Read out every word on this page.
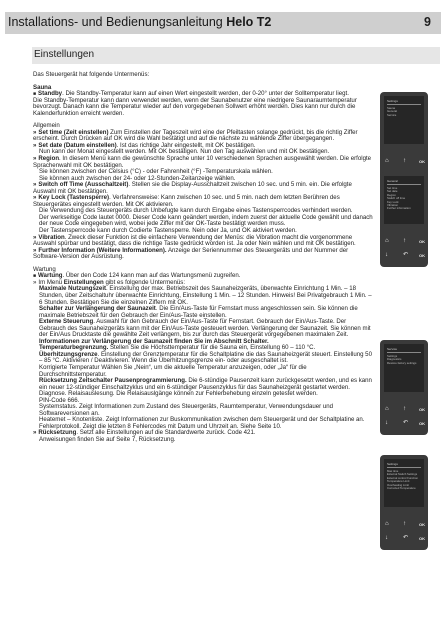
Installations- und Bedienungsanleitung Helo T2	9
Einstellungen

Das Steuergerät hat folgende Untermenüs:

Sauna

■ Standby. Die Standby-Temperatur kann auf einen Wert eingestellt werden, der 0-20° unter der Solltemperatur liegt.

Die Standby-Temperatur kann dann verwendet werden, wenn der Saunabenutzer eine niedrigere Saunaraumtemperatur bevorzugt. Danach kann die Temperatur wieder auf den vorgegebenen Sollwert erhöht werden. Dies kann nur durch die Kalenderfunktion erreicht werden.

Allgemein

» Set time (Zeit einstellen) Zum Einstellen der Tageszeit wird eine der Pfeiltasten solange gedrückt, bis die richtig Ziffer erscheint. Durch Drücken auf OK wird die Wahl bestätigt und auf die nächste zu wählende Ziffer übergegangen.

» Set date (Datum einstellen). Ist das richtige Jahr eingestellt, mit OK bestätigen.

Nun kann der Monat eingestellt werden. Mit OK bestätigen. Nun den Tag auswählen und mit OK bestätigen.

» Region. In diesem Menü kann die gewünschte Sprache unter 10 verschiedenen Sprachen ausgewählt werden. Die erfolgte Sprachenwahl mit OK bestätigen.

Sie können zwischen der Celsius (°C) - oder Fahrenheit (°F) -Temperaturskala wählen.

Sie können auch zwischen der 24- oder 12-Stunden-Zeitanzeige wählen.

» Switch off Time (Ausschaltzeit). Stellen sie die Display-Ausschaltzeit zwischen 10 sec. und 5 min. ein. Die erfolgte Auswahl mit OK bestätigen.

» Key Lock (Tastensperre). Verfahrensweise: Kann zwischen 10 sec. und 5 min. nach dem letzten Berühren des Steuergerätes eingestellt werden. Mit OK aktivieren.

Die Verwendung des Steuergeräts durch Unbefugte kann durch Eingabe eines Tastensperrcodes verhindert werden.

Der werkseitige Code lautet 0000. Dieser Code kann geändert werden, indem zuerst der aktuelle Code gewählt und danach der neue Code eingegeben wird, wobei jede Ziffer mit der OK-Taste bestätigt werden muss.

Der Tastensperrcode kann durch Codierte Tastensperre. Nein oder Ja, und OK aktiviert werden.

» Vibration. Zweck dieser Funktion ist die einfachere Verwendung der Menüs: die Vibration macht die vorgenommene Auswahl spürbar und bestätigt, dass die richtige Taste gedrückt worden ist. Ja oder Nein wählen und mit OK bestätigen.

» Further Information (Weitere Informationen). Anzeige der Seriennummer des Steuergeräts und der Nummer der Software-Version der Ausrüstung.

Wartung

■ Wartung. Über den Code 124 kann man auf das Wartungsmenü zugreifen.

» Im Menü Einstellungen gibt es folgende Untermenüs:

Maximale Nutzungszeit. Einstellung der max. Betriebszeit des Saunaheizgeräts, überwachte Einrichtung 1 Min. – 18 Stunden, über Zeitschaltuhr überwachte Einrichtung, Einstellung 1 Min. – 12 Stunden. Hinweis! Bei Privatgebrauch 1 Min. – 6 Stunden. Bestätigen Sie die einzelnen Ziffern mit OK.

Schalter zur Verlängerung der Saunazeit. Die Ein/Aus-Taste für Fernstart muss angeschlossen sein. Sie können die maximale Betriebszeit für den Gebrauch der Ein/Aus-Taste einstellen.

Externe Steuerung. Auswahl für den Gebrauch der Ein/Aus-Taste für Fernstart. Gebrauch der Ein/Aus-Taste. Der Gebrauch des Saunaheizgeräts kann mit der Ein/Aus-Taste gesteuert werden. Verlängerung der Saunazeit. Sie können mit der Ein/Aus Drucktaste die gewählte Zeit verlängern, bis zur durch das Steuergerät vorgegebenen maximalen Zeit. Informationen zur Verlängerung der Saunazeit finden Sie im Abschnitt Schalter.

Temperaturbegrenzung. Stellen Sie die Höchsttemperatur für die Sauna ein, Einstellung 60 – 110 °C. Überhitzungsgrenze. Einstellung der Grenztemperatur für die Schaltplatine die das Saunaheizgerät steuert. Einstellung 50 – 85 °C. Aktivieren / Deaktivieren. Wenn die Überhitzungsgrenze ein- oder ausgeschaltet ist.

Korrigierte Temperatur Wählen Sie „Nein“, um die aktuelle Temperatur anzuzeigen, oder „Ja“ für die Durchschnittstemperatur.

Rücksetzung Zeitschalter Pausenprogrammierung. Die 6-stündige Pausenzeit kann zurückgesetzt werden, und es kann ein neuer 12-stündiger Einschaltzyklus und ein 6-stündiger Pausenzyklus für das Saunaheizgerät gestartet werden. Diagnose. Relaisauslesung. Die Relaisauslgänge können zur Fehlerbehebung einzeln getestet werden.

PIN-Code 666.

Systemstatus. Zeigt Informationen zum Zustand des Steuergeräts, Raumtemperatur, Verwendungsdauer und Softwareversionen an.

Heatemet – Knotenliste. Zeigt Informationen zur Buskommunikation zwischen dem Steuergerät und der Schaltplatine an.

Fehlerprotokoll. Zeigt die letzten 8 Fehlercodes mit Datum und Uhrzeit an. Siehe Seite 10.

» Rücksetzung. Setzt alle Einstellungen auf die Standardwerte zurück. Code 421.

Anweisungen finden Sie auf Seite 7, Rücksetzung.

Settings
Sauna
General
Service
⌂ ↑	OK
General
Set time
Set date
Region
Switch off time
Key Lock
Vibration
Further information
⌂ ↑	OK
↓	↶	OK
Service
Settings
Diagnostics
Restore factory settings
⌂ ↑	OK
↓	↶	OK
Settings
Max time
External Switch Settings
External control Function
Temperature Limit
Overheating Limit
Corrected Temperature
⌂ ↑	OK
↓	↶	OK
